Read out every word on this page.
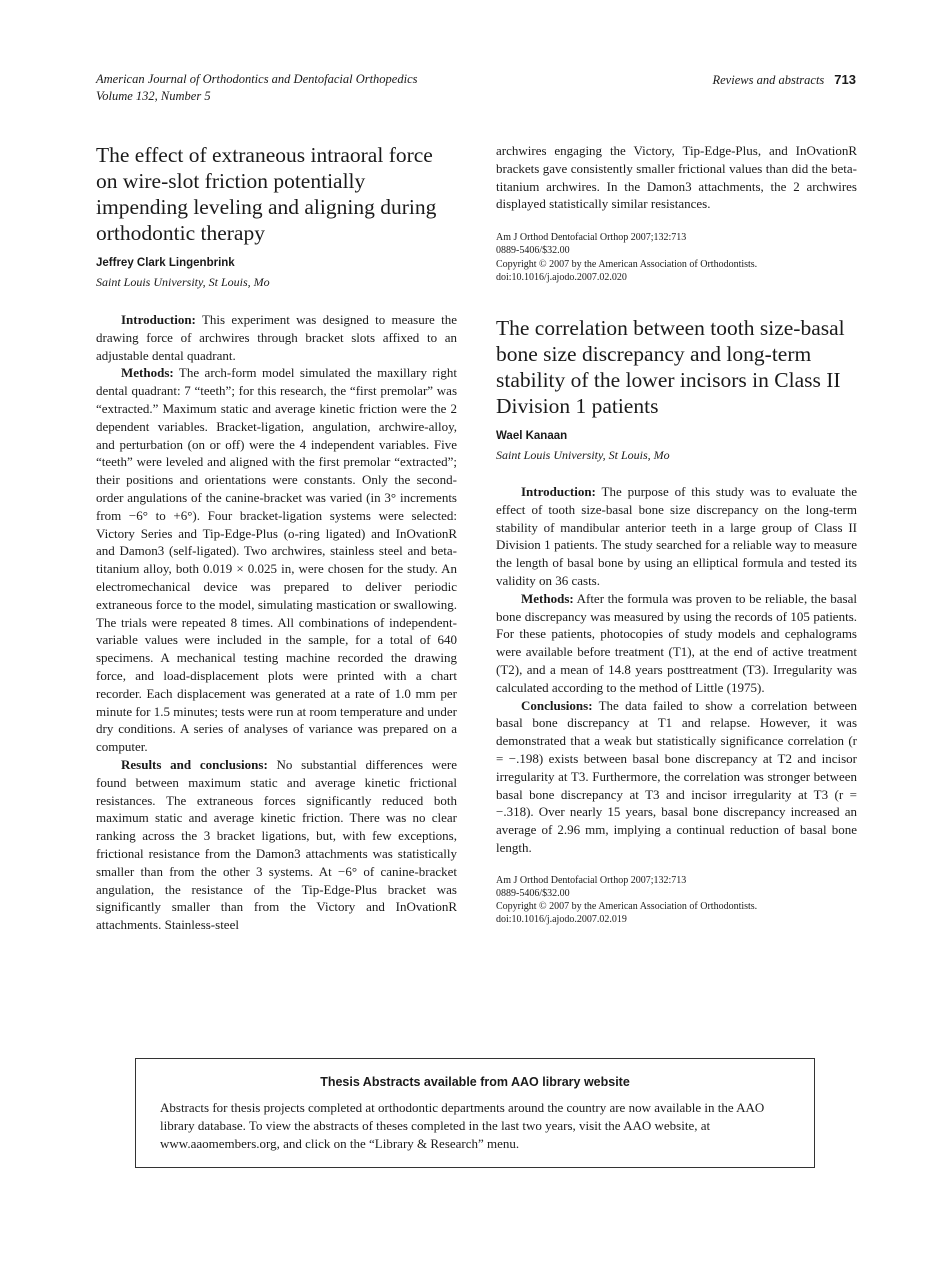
American Journal of Orthodontics and Dentofacial Orthopedics
Volume 132, Number 5
Reviews and abstracts 713
The effect of extraneous intraoral force on wire-slot friction potentially impending leveling and aligning during orthodontic therapy
Jeffrey Clark Lingenbrink
Saint Louis University, St Louis, Mo

Introduction: This experiment was designed to measure the drawing force of archwires through bracket slots affixed to an adjustable dental quadrant.

Methods: The arch-form model simulated the maxillary right dental quadrant: 7 “teeth”; for this research, the “first premolar” was “extracted.” Maximum static and average kinetic friction were the 2 dependent variables. Bracket-ligation, angulation, archwire-alloy, and perturbation (on or off) were the 4 independent variables. Five “teeth” were leveled and aligned with the first premolar “extracted”; their positions and orientations were constants. Only the second-order angulations of the canine-bracket was varied (in 3° increments from −6° to +6°). Four bracket-ligation systems were selected: Victory Series and Tip-Edge-Plus (o-ring ligated) and InOvationR and Damon3 (self-ligated). Two archwires, stainless steel and beta-titanium alloy, both 0.019 × 0.025 in, were chosen for the study. An electromechanical device was prepared to deliver periodic extraneous force to the model, simulating mastication or swallowing. The trials were repeated 8 times. All combinations of independent-variable values were included in the sample, for a total of 640 specimens. A mechanical testing machine recorded the drawing force, and load-displacement plots were printed with a chart recorder. Each displacement was generated at a rate of 1.0 mm per minute for 1.5 minutes; tests were run at room temperature and under dry conditions. A series of analyses of variance was prepared on a computer.

Results and conclusions: No substantial differences were found between maximum static and average kinetic frictional resistances. The extraneous forces significantly reduced both maximum static and average kinetic friction. There was no clear ranking across the 3 bracket ligations, but, with few exceptions, frictional resistance from the Damon3 attachments was statistically smaller than from the other 3 systems. At −6° of canine-bracket angulation, the resistance of the Tip-Edge-Plus bracket was significantly smaller than from the Victory and InOvationR attachments. Stainless-steel

archwires engaging the Victory, Tip-Edge-Plus, and InOvationR brackets gave consistently smaller frictional values than did the beta-titanium archwires. In the Damon3 attachments, the 2 archwires displayed statistically similar resistances.

Am J Orthod Dentofacial Orthop 2007;132:713
0889-5406/$32.00
Copyright © 2007 by the American Association of Orthodontists.
doi:10.1016/j.ajodo.2007.02.020
The correlation between tooth size-basal bone size discrepancy and long-term stability of the lower incisors in Class II Division 1 patients
Wael Kanaan
Saint Louis University, St Louis, Mo

Introduction: The purpose of this study was to evaluate the effect of tooth size-basal bone size discrepancy on the long-term stability of mandibular anterior teeth in a large group of Class II Division 1 patients. The study searched for a reliable way to measure the length of basal bone by using an elliptical formula and tested its validity on 36 casts.

Methods: After the formula was proven to be reliable, the basal bone discrepancy was measured by using the records of 105 patients. For these patients, photocopies of study models and cephalograms were available before treatment (T1), at the end of active treatment (T2), and a mean of 14.8 years posttreatment (T3). Irregularity was calculated according to the method of Little (1975).

Conclusions: The data failed to show a correlation between basal bone discrepancy at T1 and relapse. However, it was demonstrated that a weak but statistically significance correlation (r = −.198) exists between basal bone discrepancy at T2 and incisor irregularity at T3. Furthermore, the correlation was stronger between basal bone discrepancy at T3 and incisor irregularity at T3 (r = −.318). Over nearly 15 years, basal bone discrepancy increased an average of 2.96 mm, implying a continual reduction of basal bone length.

Am J Orthod Dentofacial Orthop 2007;132:713
0889-5406/$32.00
Copyright © 2007 by the American Association of Orthodontists.
doi:10.1016/j.ajodo.2007.02.019
Thesis Abstracts available from AAO library website
Abstracts for thesis projects completed at orthodontic departments around the country are now available in the AAO library database. To view the abstracts of theses completed in the last two years, visit the AAO website, at www.aaomembers.org, and click on the “Library & Research” menu.
